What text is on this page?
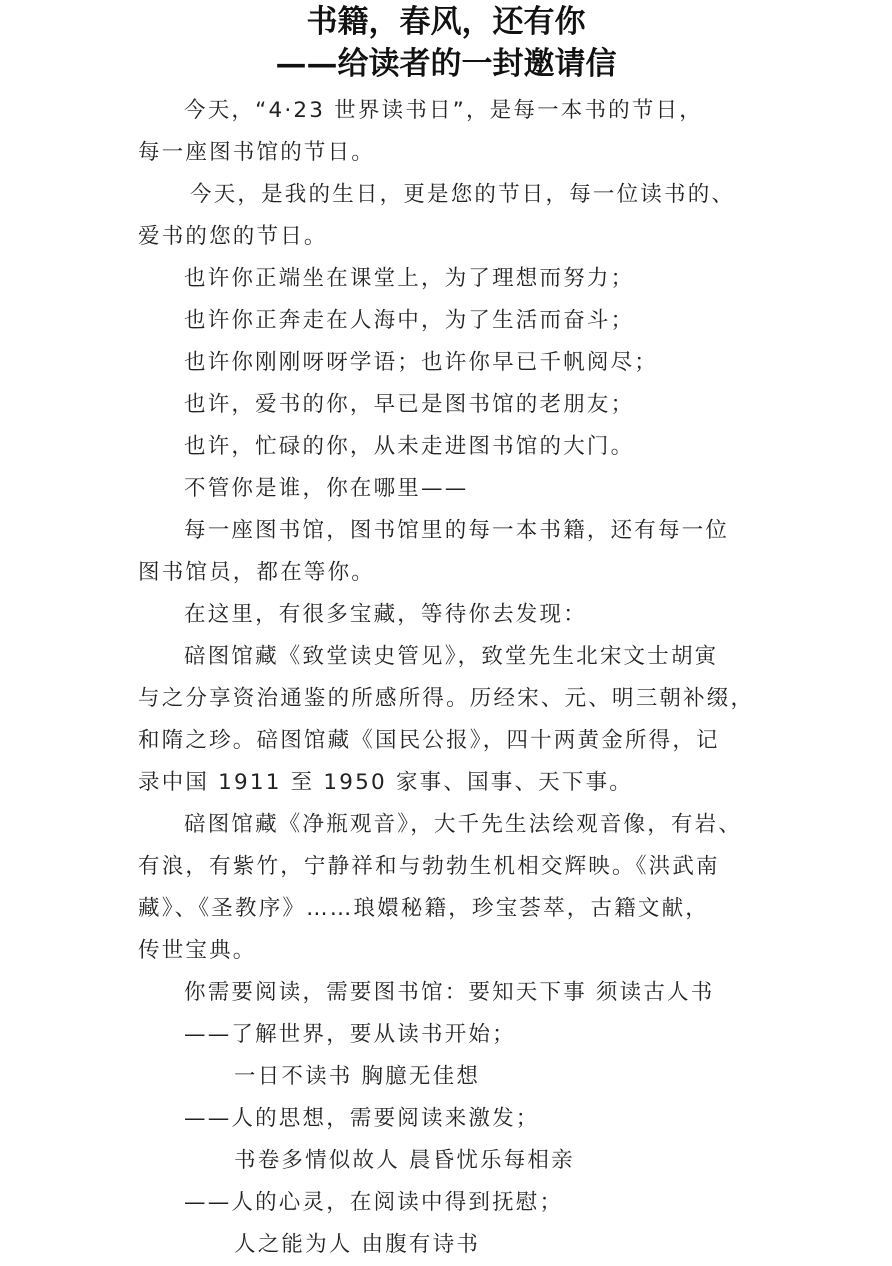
书籍，春风，还有你
——给读者的一封邀请信

今天，“4·23 世界读书日”，是每一本书的节日，

每一座图书馆的节日。

今天，是我的生日，更是您的节日，每一位读书的、

爱书的您的节日。

也许你正端坐在课堂上，为了理想而努力；

也许你正奔走在人海中，为了生活而奋斗；

也许你刚刚呀呀学语；也许你早已千帆阅尽；

也许，爱书的你，早已是图书馆的老朋友；

也许，忙碌的你，从未走进图书馆的大门。

不管你是谁，你在哪里——

每一座图书馆，图书馆里的每一本书籍，还有每一位

图书馆员，都在等你。

在这里，有很多宝藏，等待你去发现：

碚图馆藏《致堂读史管见》，致堂先生北宋文士胡寅

与之分享资治通鉴的所感所得。历经宋、元、明三朝补缀，

和隋之珍。碚图馆藏《国民公报》，四十两黄金所得，记

录中国 1911 至 1950 家事、国事、天下事。

碚图馆藏《净瓶观音》，大千先生法绘观音像，有岩、

有浪，有紫竹，宁静祥和与勃勃生机相交辉映。《洪武南

藏》、《圣教序》……琅嬛秘籍，珍宝荟萃，古籍文献，

传世宝典。

你需要阅读，需要图书馆：要知天下事 须读古人书

——了解世界，要从读书开始；

一日不读书 胸臆无佳想

——人的思想，需要阅读来激发；

书卷多情似故人 晨昏忧乐每相亲

——人的心灵，在阅读中得到抚慰；

人之能为人 由腹有诗书
